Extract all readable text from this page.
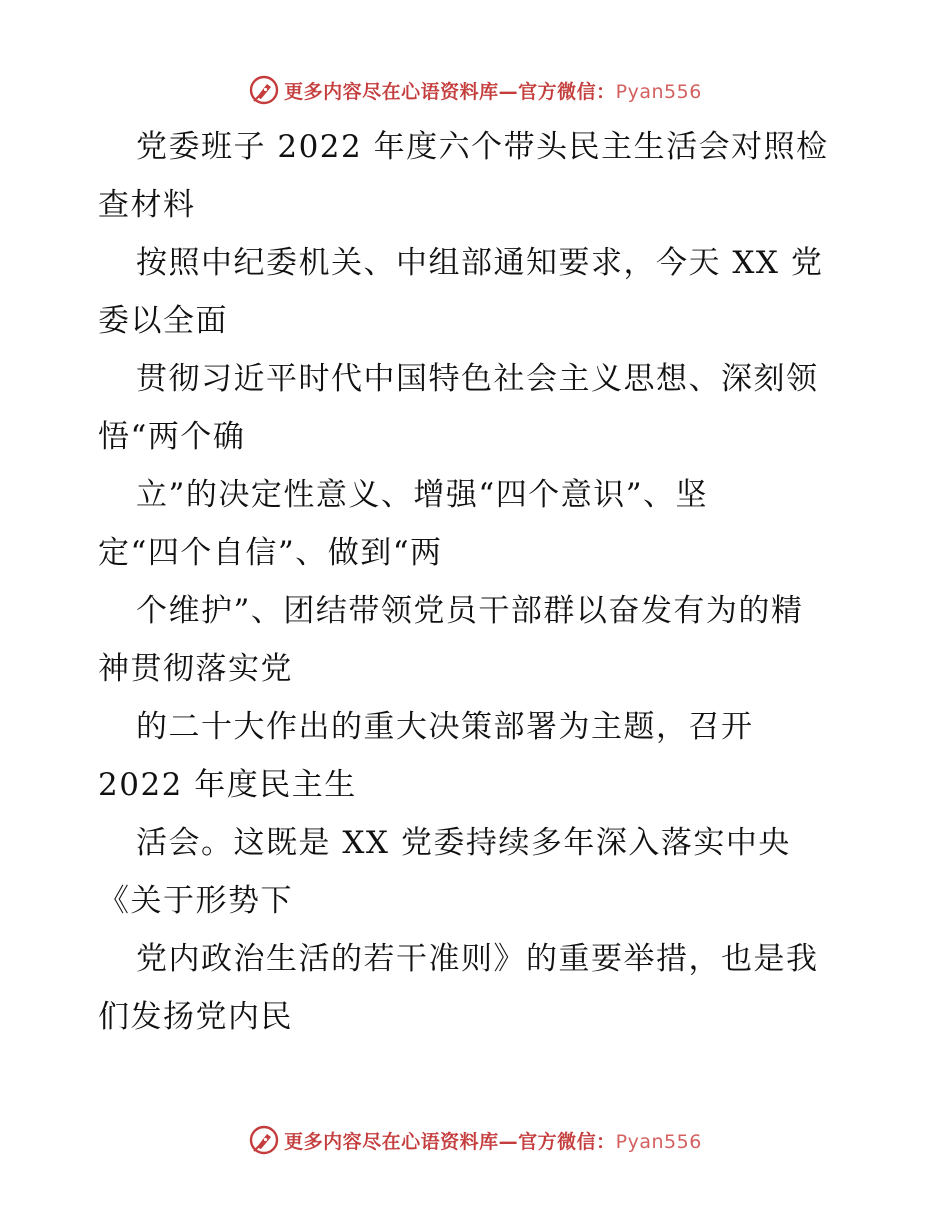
更多内容尽在心语资料库—官方微信：Pyan556
党委班子 2022 年度六个带头民主生活会对照检
查材料
按照中纪委机关、中组部通知要求，今天 XX 党
委以全面
贯彻习近平时代中国特色社会主义思想、深刻领
悟“两个确
立”的决定性意义、增强“四个意识”、坚
定“四个自信”、做到“两
个维护”、团结带领党员干部群以奋发有为的精
神贯彻落实党
的二十大作出的重大决策部署为主题，召开
2022 年度民主生
活会。这既是 XX 党委持续多年深入落实中央
《关于形势下
党内政治生活的若干准则》的重要举措，也是我
们发扬党内民
更多内容尽在心语资料库—官方微信：Pyan556
